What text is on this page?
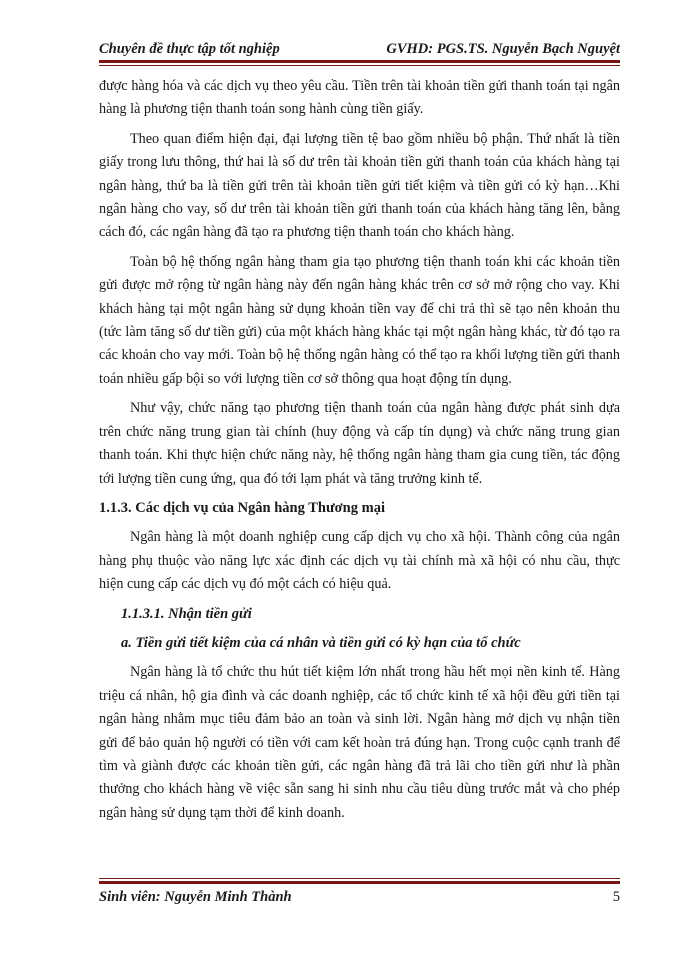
Chuyên đề thực tập tốt nghiệp	GVHD: PGS.TS. Nguyễn Bạch Nguyệt

được hàng hóa và các dịch vụ theo yêu cầu. Tiền trên tài khoản tiền gửi thanh toán tại ngân hàng là phương tiện thanh toán song hành cùng tiền giấy.

Theo quan điểm hiện đại, đại lượng tiền tệ bao gồm nhiều bộ phận. Thứ nhất là tiền giấy trong lưu thông, thứ hai là số dư trên tài khoản tiền gửi thanh toán của khách hàng tại ngân hàng, thứ ba là tiền gửi trên tài khoản tiền gửi tiết kiệm và tiền gửi có kỳ hạn…Khi ngân hàng cho vay, số dư trên tài khoản tiền gửi thanh toán của khách hàng tăng lên, bằng cách đó, các ngân hàng đã tạo ra phương tiện thanh toán cho khách hàng.

Toàn bộ hệ thống ngân hàng tham gia tạo phương tiện thanh toán khi các khoản tiền gửi được mở rộng từ ngân hàng này đến ngân hàng khác trên cơ sở mở rộng cho vay. Khi khách hàng tại một ngân hàng sử dụng khoản tiền vay để chi trả thì sẽ tạo nên khoản thu (tức làm tăng số dư tiền gửi) của một khách hàng khác tại một ngân hàng khác, từ đó tạo ra các khoản cho vay mới. Toàn bộ hệ thống ngân hàng có thể tạo ra khối lượng tiền gửi thanh toán nhiều gấp bội so với lượng tiền cơ sở thông qua hoạt động tín dụng.

Như vậy, chức năng tạo phương tiện thanh toán của ngân hàng được phát sinh dựa trên chức năng trung gian tài chính (huy động và cấp tín dụng) và chức năng trung gian thanh toán. Khi thực hiện chức năng này, hệ thống ngân hàng tham gia cung tiền, tác động tới lượng tiền cung ứng, qua đó tới lạm phát và tăng trưởng kinh tế.

1.1.3. Các dịch vụ của Ngân hàng Thương mại

Ngân hàng là một doanh nghiệp cung cấp dịch vụ cho xã hội. Thành công của ngân hàng phụ thuộc vào năng lực xác định các dịch vụ tài chính mà xã hội có nhu cầu, thực hiện cung cấp các dịch vụ đó một cách có hiệu quả.

1.1.3.1. Nhận tiền gửi

a. Tiền gửi tiết kiệm của cá nhân và tiền gửi có kỳ hạn của tổ chức

Ngân hàng là tổ chức thu hút tiết kiệm lớn nhất trong hầu hết mọi nền kinh tế. Hàng triệu cá nhân, hộ gia đình và các doanh nghiệp, các tổ chức kinh tế xã hội đều gửi tiền tại ngân hàng nhằm mục tiêu đảm bảo an toàn và sinh lời. Ngân hàng mở dịch vụ nhận tiền gửi để bảo quản hộ người có tiền với cam kết hoàn trả đúng hạn. Trong cuộc cạnh tranh để tìm và giành được các khoản tiền gửi, các ngân hàng đã trả lãi cho tiền gửi như là phần thưởng cho khách hàng về việc sẵn sang hi sinh nhu cầu tiêu dùng trước mắt và cho phép ngân hàng sử dụng tạm thời để kinh doanh.

Sinh viên: Nguyễn Minh Thành	5
